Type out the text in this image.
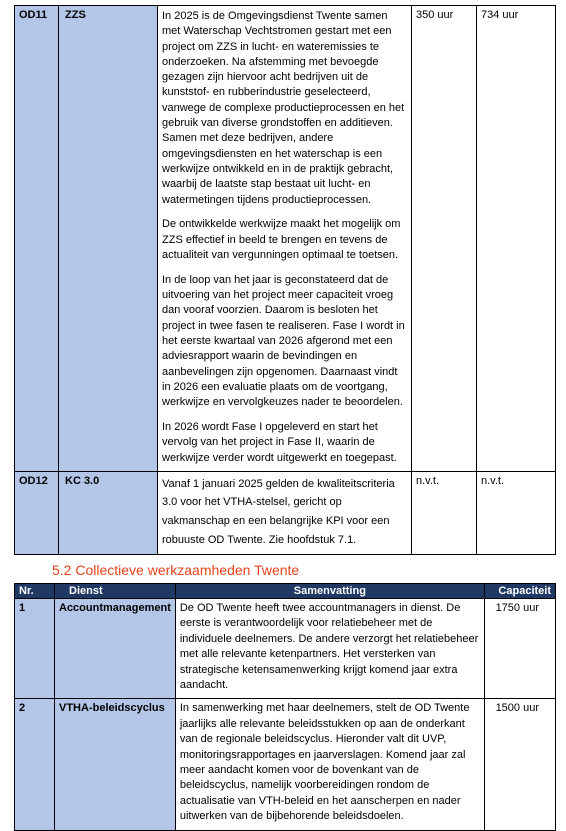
OD11	ZZS	In 2025 is de Omgevingsdienst Twente samen met Waterschap Vechtstromen gestart met een project om ZZS in lucht- en wateremissies te onderzoeken. Na afstemming met bevoegde gezagen zijn hiervoor acht bedrijven uit de kunststof- en rubberindustrie geselecteerd, vanwege de complexe productieprocessen en het gebruik van diverse grondstoffen en additieven. Samen met deze bedrijven, andere omgevingsdiensten en het waterschap is een werkwijze ontwikkeld en in de praktijk gebracht, waarbij de laatste stap bestaat uit lucht- en watermetingen tijdens productieprocessen.

De ontwikkelde werkwijze maakt het mogelijk om ZZS effectief in beeld te brengen en tevens de actualiteit van vergunningen optimaal te toetsen.

In de loop van het jaar is geconstateerd dat de uitvoering van het project meer capaciteit vroeg dan vooraf voorzien. Daarom is besloten het project in twee fasen te realiseren. Fase I wordt in het eerste kwartaal van 2026 afgerond met een adviesrapport waarin de bevindingen en aanbevelingen zijn opgenomen. Daarnaast vindt in 2026 een evaluatie plaats om de voortgang, werkwijze en vervolgkeuzes nader te beoordelen.

In 2026 wordt Fase I opgeleverd en start het vervolg van het project in Fase II, waarin de werkwijze verder wordt uitgewerkt en toegepast.	350 uur	734 uur
OD12	KC 3.0	Vanaf 1 januari 2025 gelden de kwaliteitscriteria 3.0 voor het VTHA-stelsel, gericht op vakmanschap en een belangrijke KPI voor een robuuste OD Twente. Zie hoofdstuk 7.1.	n.v.t.	n.v.t.
5.2 Collectieve werkzaamheden Twente
Nr.	Dienst	Samenvatting	Capaciteit
1	Accountmanagement	De OD Twente heeft twee accountmanagers in dienst. De eerste is verantwoordelijk voor relatiebeheer met de individuele deelnemers. De andere verzorgt het relatiebeheer met alle relevante ketenpartners. Het versterken van strategische ketensamenwerking krijgt komend jaar extra aandacht.	1750 uur
2	VTHA-beleidscyclus	In samenwerking met haar deelnemers, stelt de OD Twente jaarlijks alle relevante beleidsstukken op aan de onderkant van de regionale beleidscyclus. Hieronder valt dit UVP, monitoringsrapportages en jaarverslagen. Komend jaar zal meer aandacht komen voor de bovenkant van de beleidscyclus, namelijk voorbereidingen rondom de actualisatie van VTH-beleid en het aanscherpen en nader uitwerken van de bijbehorende beleidsdoelen.	1500 uur
